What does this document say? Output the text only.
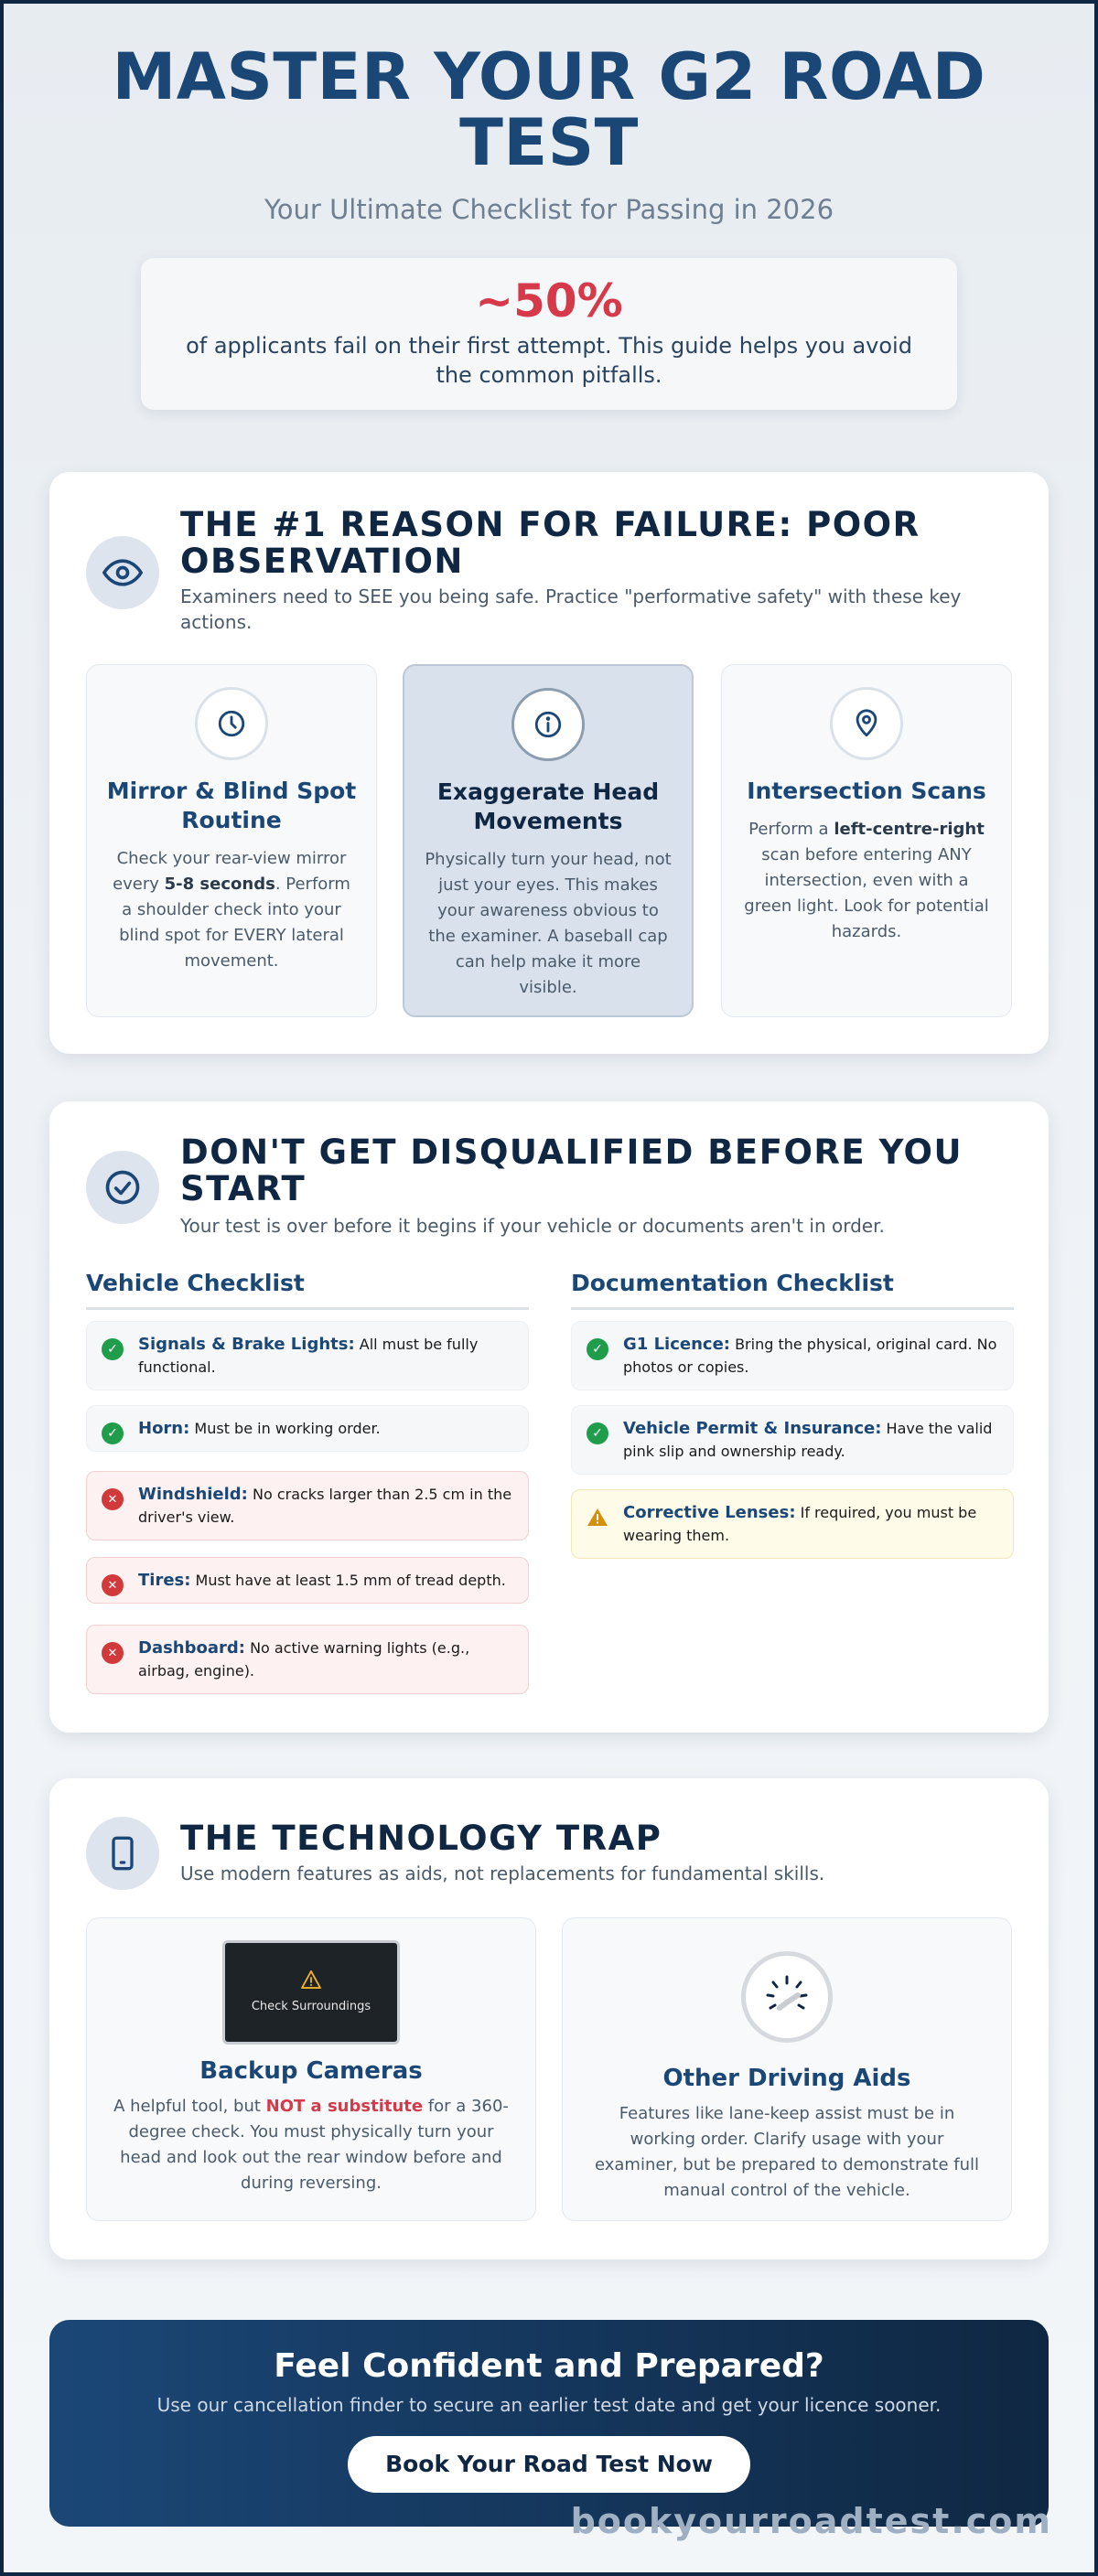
MASTER YOUR G2 ROAD TEST
Your Ultimate Checklist for Passing in 2026
~50%
of applicants fail on their first attempt. This guide helps you avoid the common pitfalls.
THE #1 REASON FOR FAILURE: POOR OBSERVATION

Examiners need to SEE you being safe. Practice "performative safety" with these key actions.

Mirror & Blind Spot Routine
Check your rear-view mirror every 5-8 seconds. Perform a shoulder check into your blind spot for EVERY lateral movement.
Exaggerate Head Movements
Physically turn your head, not just your eyes. This makes your awareness obvious to the examiner. A baseball cap can help make it more visible.
Intersection Scans
Perform a left-centre-right scan before entering ANY intersection, even with a green light. Look for potential hazards.
DON'T GET DISQUALIFIED BEFORE YOU START

Your test is over before it begins if your vehicle or documents aren't in order.

Vehicle Checklist	Documentation Checklist
✓	Signals & Brake Lights: All must be fully functional.
✓	Horn: Must be in working order.
✕	Windshield: No cracks larger than 2.5 cm in the driver's view.
✕	Tires: Must have at least 1.5 mm of tread depth.
✕	Dashboard: No active warning lights (e.g., airbag, engine).
✓	G1 Licence: Bring the physical, original card. No photos or copies.
✓	Vehicle Permit & Insurance: Have the valid pink slip and ownership ready.
Corrective Lenses: If required, you must be wearing them.
THE TECHNOLOGY TRAP

Use modern features as aids, not replacements for fundamental skills.

Check Surroundings
Backup Cameras
A helpful tool, but NOT a substitute for a 360-degree check. You must physically turn your head and look out the rear window before and during reversing.
Other Driving Aids
Features like lane-keep assist must be in working order. Clarify usage with your examiner, but be prepared to demonstrate full manual control of the vehicle.
Feel Confident and Prepared?
Use our cancellation finder to secure an earlier test date and get your licence sooner.
Book Your Road Test Now
bookyourroadtest.com
